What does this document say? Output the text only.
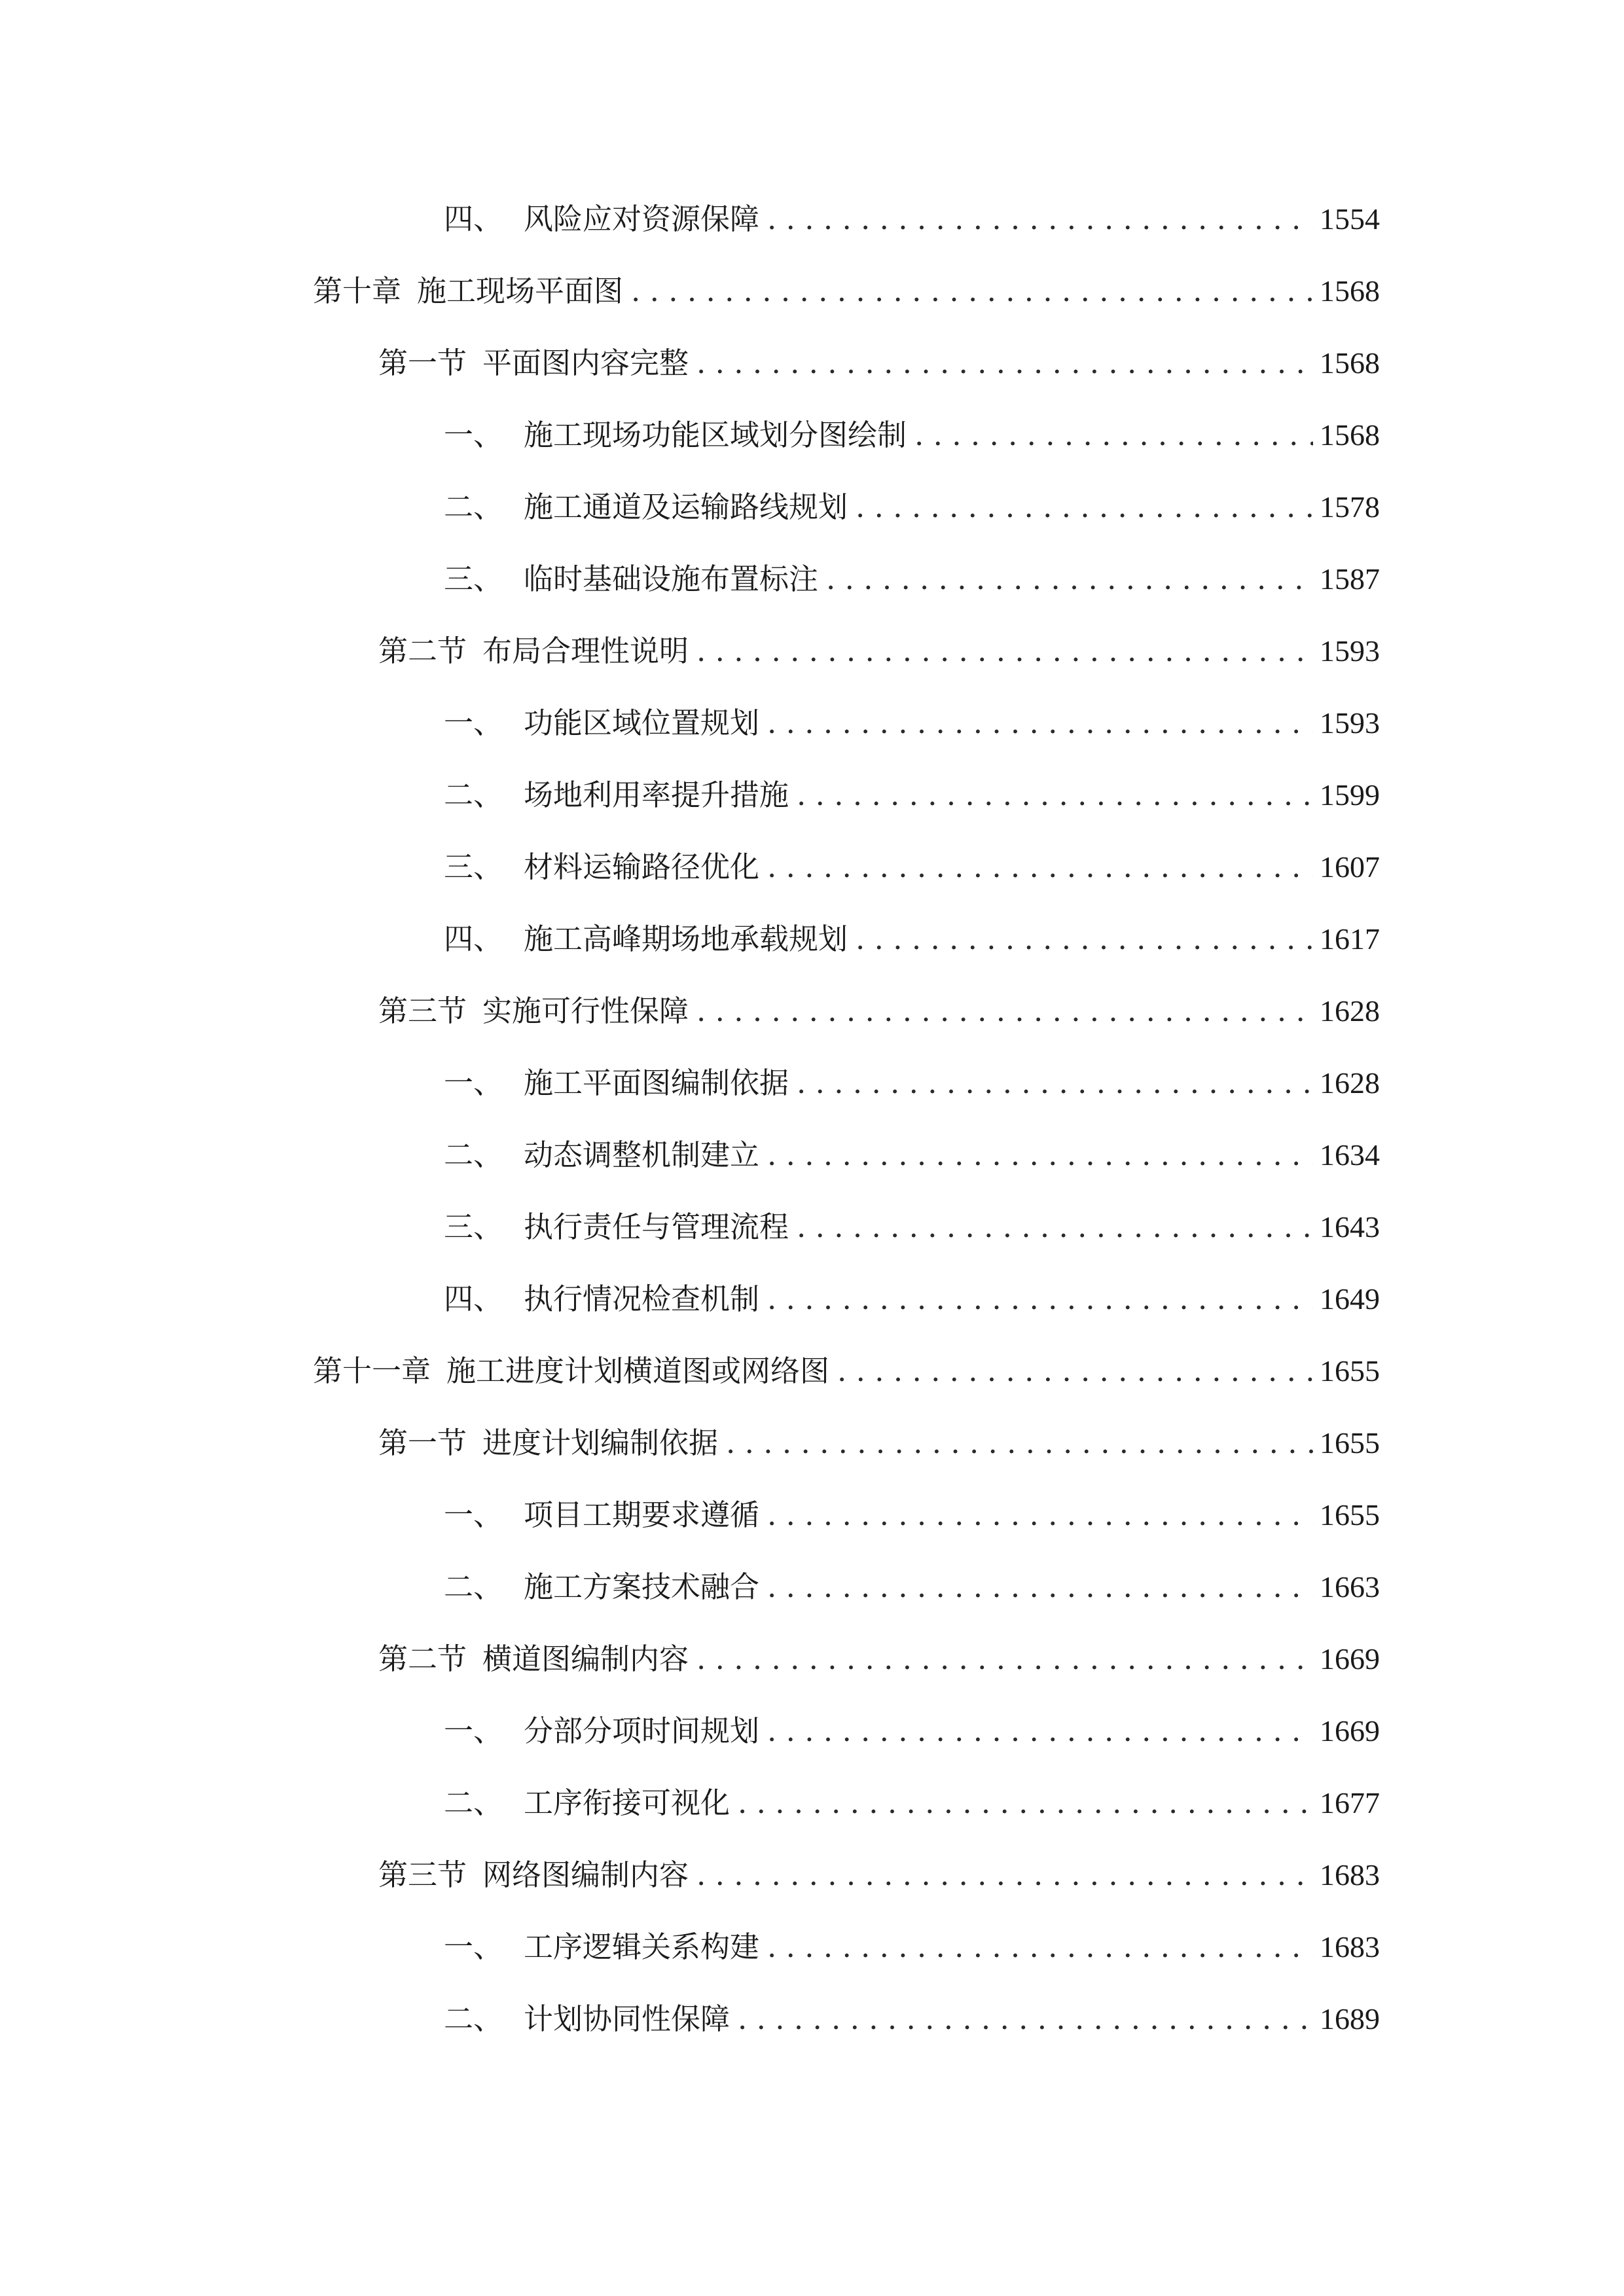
四、 风险应对资源保障 . . .	1554
第十章 施工现场平面图 . . .	1568
第一节 平面图内容完整 . . .	1568
一、 施工现场功能区域划分图绘制 . . .	1568
二、 施工通道及运输路线规划 . . .	1578
三、 临时基础设施布置标注 . . .	1587
第二节 布局合理性说明 . . .	1593
一、 功能区域位置规划 . . .	1593
二、 场地利用率提升措施 . . .	1599
三、 材料运输路径优化 . . .	1607
四、 施工高峰期场地承载规划 . . .	1617
第三节 实施可行性保障 . . .	1628
一、 施工平面图编制依据 . . .	1628
二、 动态调整机制建立 . . .	1634
三、 执行责任与管理流程 . . .	1643
四、 执行情况检查机制 . . .	1649
第十一章 施工进度计划横道图或网络图 . . .	1655
第一节 进度计划编制依据 . . .	1655
一、 项目工期要求遵循 . . .	1655
二、 施工方案技术融合 . . .	1663
第二节 横道图编制内容 . . .	1669
一、 分部分项时间规划 . . .	1669
二、 工序衔接可视化 . . .	1677
第三节 网络图编制内容 . . .	1683
一、 工序逻辑关系构建 . . .	1683
二、 计划协同性保障 . . .	1689
